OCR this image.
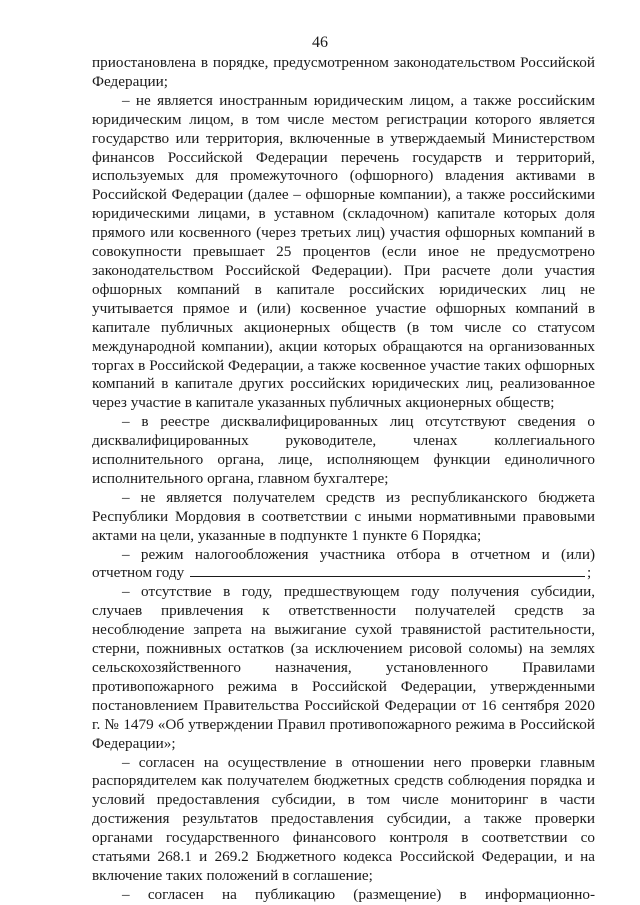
46

приостановлена в порядке, предусмотренном законодательством Российской Федерации;

– не является иностранным юридическим лицом, а также российским юридическим лицом, в том числе местом регистрации которого является государство или территория, включенные в утверждаемый Министерством финансов Российской Федерации перечень государств и территорий, используемых для промежуточного (офшорного) владения активами в Российской Федерации (далее – офшорные компании), а также российскими юридическими лицами, в уставном (складочном) капитале которых доля прямого или косвенного (через третьих лиц) участия офшорных компаний в совокупности превышает 25 процентов (если иное не предусмотрено законодательством Российской Федерации). При расчете доли участия офшорных компаний в капитале российских юридических лиц не учитывается прямое и (или) косвенное участие офшорных компаний в капитале публичных акционерных обществ (в том числе со статусом международной компании), акции которых обращаются на организованных торгах в Российской Федерации, а также косвенное участие таких офшорных компаний в капитале других российских юридических лиц, реализованное через участие в капитале указанных публичных акционерных обществ;

– в реестре дисквалифицированных лиц отсутствуют сведения о дисквалифицированных руководителе, членах коллегиального исполнительного органа, лице, исполняющем функции единоличного исполнительного органа, главном бухгалтере;

– не является получателем средств из республиканского бюджета Республики Мордовия в соответствии с иными нормативными правовыми актами на цели, указанные в подпункте 1 пункте 6 Порядка;

– режим налогообложения участника отбора в отчетном и (или) отчетном году	;

– отсутствие в году, предшествующем году получения субсидии, случаев привлечения к ответственности получателей средств за несоблюдение запрета на выжигание сухой травянистой растительности, стерни, пожнивных остатков (за исключением рисовой соломы) на землях сельскохозяйственного назначения, установленного Правилами противопожарного режима в Российской Федерации, утвержденными постановлением Правительства Российской Федерации от 16 сентября 2020 г. № 1479 «Об утверждении Правил противопожарного режима в Российской Федерации»;

– согласен на осуществление в отношении него проверки главным распорядителем как получателем бюджетных средств соблюдения порядка и условий предоставления субсидии, в том числе мониторинг в части достижения результатов предоставления субсидии, а также проверки органами государственного финансового контроля в соответствии со статьями 268.1 и 269.2 Бюджетного кодекса Российской Федерации, и на включение таких положений в соглашение;

– согласен на публикацию (размещение) в информационно-
